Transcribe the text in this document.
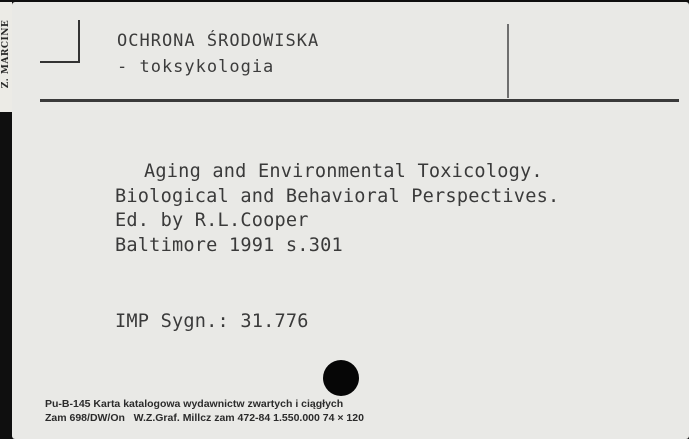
Z. MARCINE	OCHRONA ŚRODOWISKA
- toksykologia
Aging and Environmental Toxicology.
Biological and Behavioral Perspectives.
Ed. by R.L.Cooper
Baltimore 1991 s.301
IMP Sygn.: 31.776
Pu-B-145 Karta katalogowa wydawnictw zwartych i ciągłych
Zam 698/DW/On   W.Z.Graf. Millcz zam 472-84 1.550.000 74 × 120
